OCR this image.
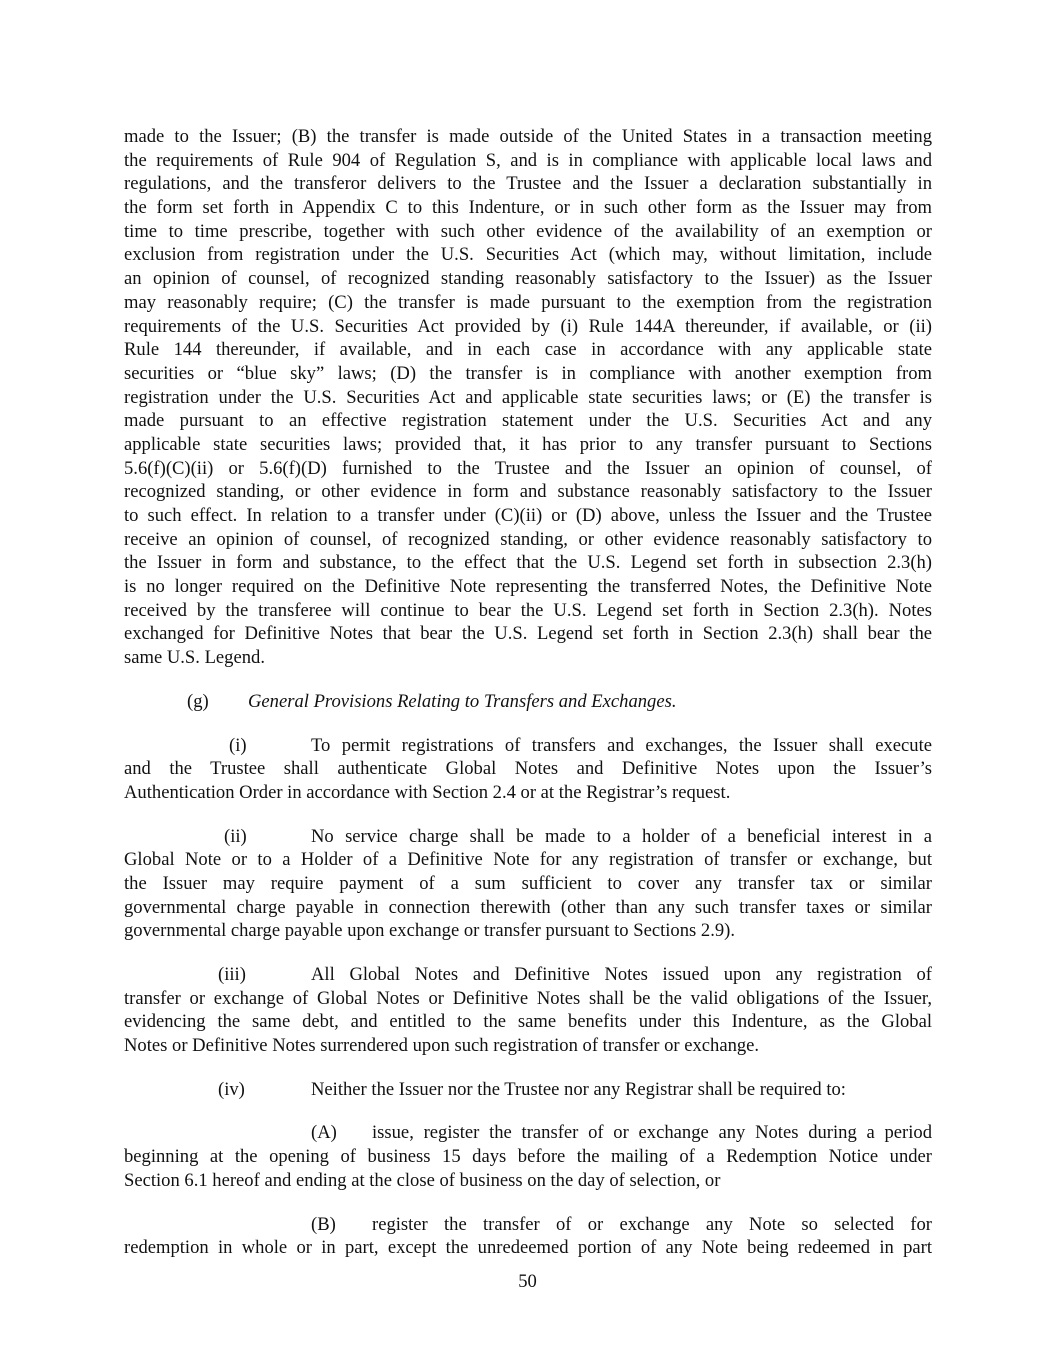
made to the Issuer; (B) the transfer is made outside of the United States in a transaction meeting
the requirements of Rule 904 of Regulation S, and is in compliance with applicable local laws and
regulations, and the transferor delivers to the Trustee and the Issuer a declaration substantially in
the form set forth in Appendix C to this Indenture, or in such other form as the Issuer may from
time to time prescribe, together with such other evidence of the availability of an exemption or
exclusion from registration under the U.S. Securities Act (which may, without limitation, include
an opinion of counsel, of recognized standing reasonably satisfactory to the Issuer) as the Issuer
may reasonably require; (C) the transfer is made pursuant to the exemption from the registration
requirements of the U.S. Securities Act provided by (i) Rule 144A thereunder, if available, or (ii)
Rule 144 thereunder, if available, and in each case in accordance with any applicable state
securities or “blue sky” laws; (D) the transfer is in compliance with another exemption from
registration under the U.S. Securities Act and applicable state securities laws; or (E) the transfer is
made pursuant to an effective registration statement under the U.S. Securities Act and any
applicable state securities laws; provided that, it has prior to any transfer pursuant to Sections
5.6(f)(C)(ii) or 5.6(f)(D) furnished to the Trustee and the Issuer an opinion of counsel, of
recognized standing, or other evidence in form and substance reasonably satisfactory to the Issuer
to such effect. In relation to a transfer under (C)(ii) or (D) above, unless the Issuer and the Trustee
receive an opinion of counsel, of recognized standing, or other evidence reasonably satisfactory to
the Issuer in form and substance, to the effect that the U.S. Legend set forth in subsection 2.3(h)
is no longer required on the Definitive Note representing the transferred Notes, the Definitive Note
received by the transferee will continue to bear the U.S. Legend set forth in Section 2.3(h). Notes
exchanged for Definitive Notes that bear the U.S. Legend set forth in Section 2.3(h) shall bear the
same U.S. Legend.
(g) General Provisions Relating to Transfers and Exchanges.
(i)	To permit registrations of transfers and exchanges, the Issuer shall execute
and the Trustee shall authenticate Global Notes and Definitive Notes upon the Issuer’s
Authentication Order in accordance with Section 2.4 or at the Registrar’s request.
(ii)	No service charge shall be made to a holder of a beneficial interest in a
Global Note or to a Holder of a Definitive Note for any registration of transfer or exchange, but
the Issuer may require payment of a sum sufficient to cover any transfer tax or similar
governmental charge payable in connection therewith (other than any such transfer taxes or similar
governmental charge payable upon exchange or transfer pursuant to Sections 2.9).
(iii)	All Global Notes and Definitive Notes issued upon any registration of
transfer or exchange of Global Notes or Definitive Notes shall be the valid obligations of the Issuer,
evidencing the same debt, and entitled to the same benefits under this Indenture, as the Global
Notes or Definitive Notes surrendered upon such registration of transfer or exchange.
(iv)	Neither the Issuer nor the Trustee nor any Registrar shall be required to:
(A) issue, register the transfer of or exchange any Notes during a period
beginning at the opening of business 15 days before the mailing of a Redemption Notice under
Section 6.1 hereof and ending at the close of business on the day of selection, or
(B) register the transfer of or exchange any Note so selected for
redemption in whole or in part, except the unredeemed portion of any Note being redeemed in part
50
